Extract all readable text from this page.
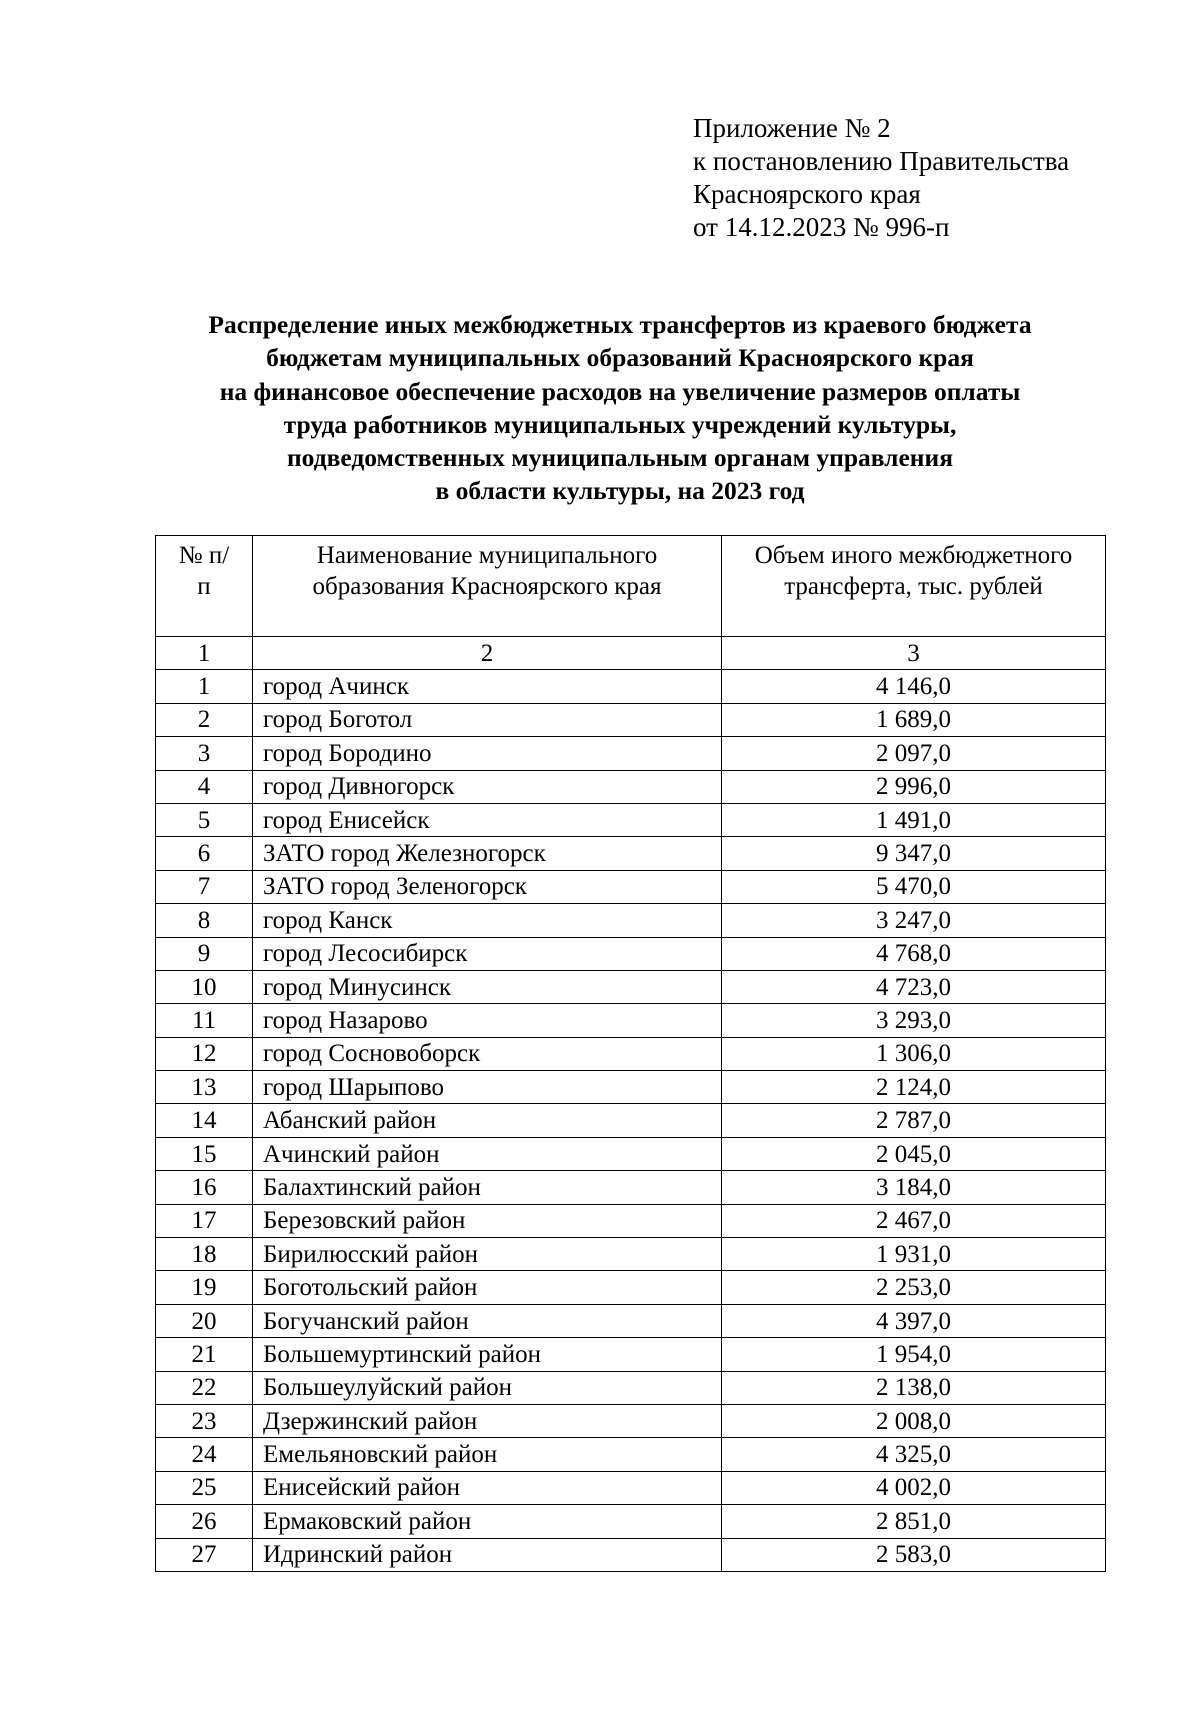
Приложение № 2
к постановлению Правительства
Красноярского края
от 14.12.2023 № 996-п
Распределение иных межбюджетных трансфертов из краевого бюджета
бюджетам муниципальных образований Красноярского края
на финансовое обеспечение расходов на увеличение размеров оплаты
труда работников муниципальных учреждений культуры,
подведомственных муниципальным органам управления
в области культуры, на 2023 год
№ п/п	Наименование муниципального образования Красноярского края	Объем иного межбюджетного трансферта, тыс. рублей
1	2	3
1	город Ачинск	4 146,0
2	город Боготол	1 689,0
3	город Бородино	2 097,0
4	город Дивногорск	2 996,0
5	город Енисейск	1 491,0
6	ЗАТО город Железногорск	9 347,0
7	ЗАТО город Зеленогорск	5 470,0
8	город Канск	3 247,0
9	город Лесосибирск	4 768,0
10	город Минусинск	4 723,0
11	город Назарово	3 293,0
12	город Сосновоборск	1 306,0
13	город Шарыпово	2 124,0
14	Абанский район	2 787,0
15	Ачинский район	2 045,0
16	Балахтинский район	3 184,0
17	Березовский район	2 467,0
18	Бирилюсский район	1 931,0
19	Боготольский район	2 253,0
20	Богучанский район	4 397,0
21	Большемуртинский район	1 954,0
22	Большеулуйский район	2 138,0
23	Дзержинский район	2 008,0
24	Емельяновский район	4 325,0
25	Енисейский район	4 002,0
26	Ермаковский район	2 851,0
27	Идринский район	2 583,0
